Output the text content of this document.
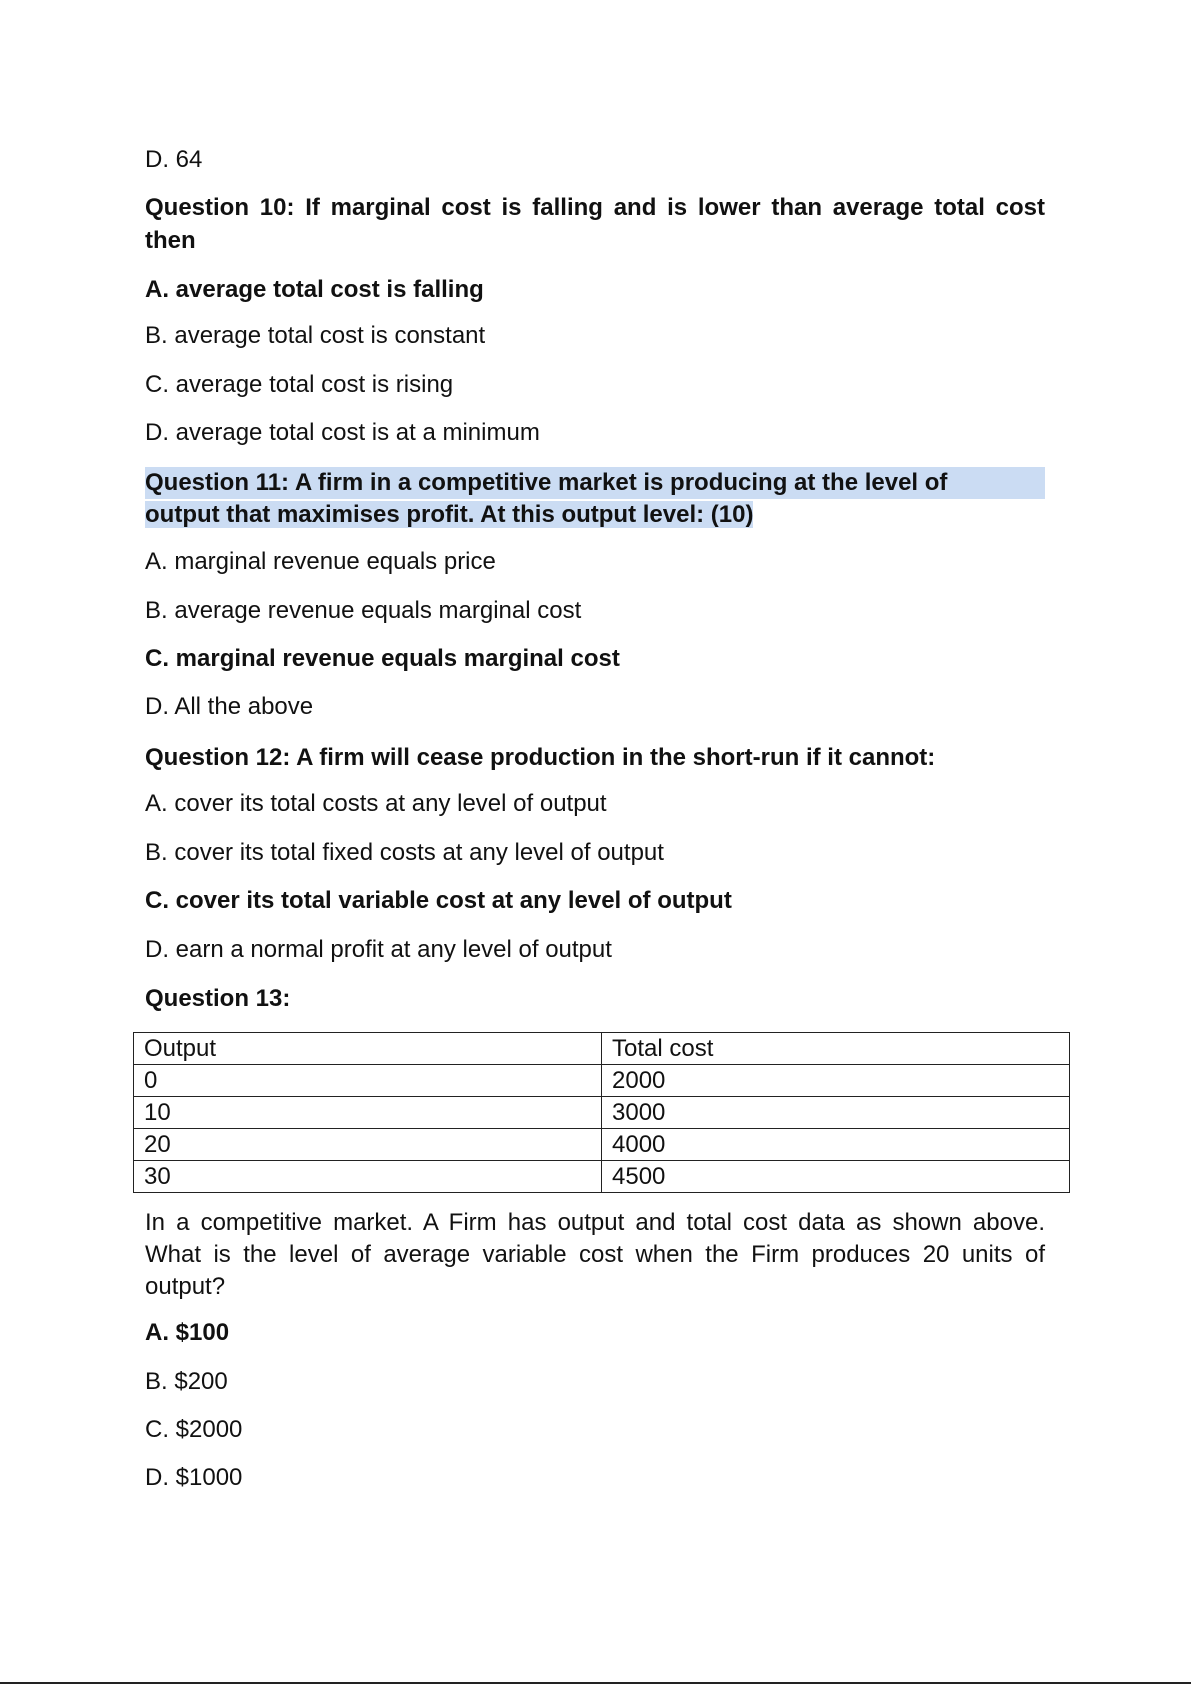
D. 64
Question 10: If marginal cost is falling and is lower than average total cost then
A. average total cost is falling
B. average total cost is constant
C. average total cost is rising
D. average total cost is at a minimum
Question 11: A firm in a competitive market is producing at the level of
output that maximises profit. At this output level: (10)
A. marginal revenue equals price
B. average revenue equals marginal cost
C. marginal revenue equals marginal cost
D. All the above
Question 12: A firm will cease production in the short-run if it cannot:
A. cover its total costs at any level of output
B. cover its total fixed costs at any level of output
C. cover its total variable cost at any level of output
D. earn a normal profit at any level of output
Question 13:
Output	Total cost
0	2000
10	3000
20	4000
30	4500
In a competitive market. A Firm has output and total cost data as shown above. What is the level of average variable cost when the Firm produces 20 units of output?
A. $100
B. $200
C. $2000
D. $1000
